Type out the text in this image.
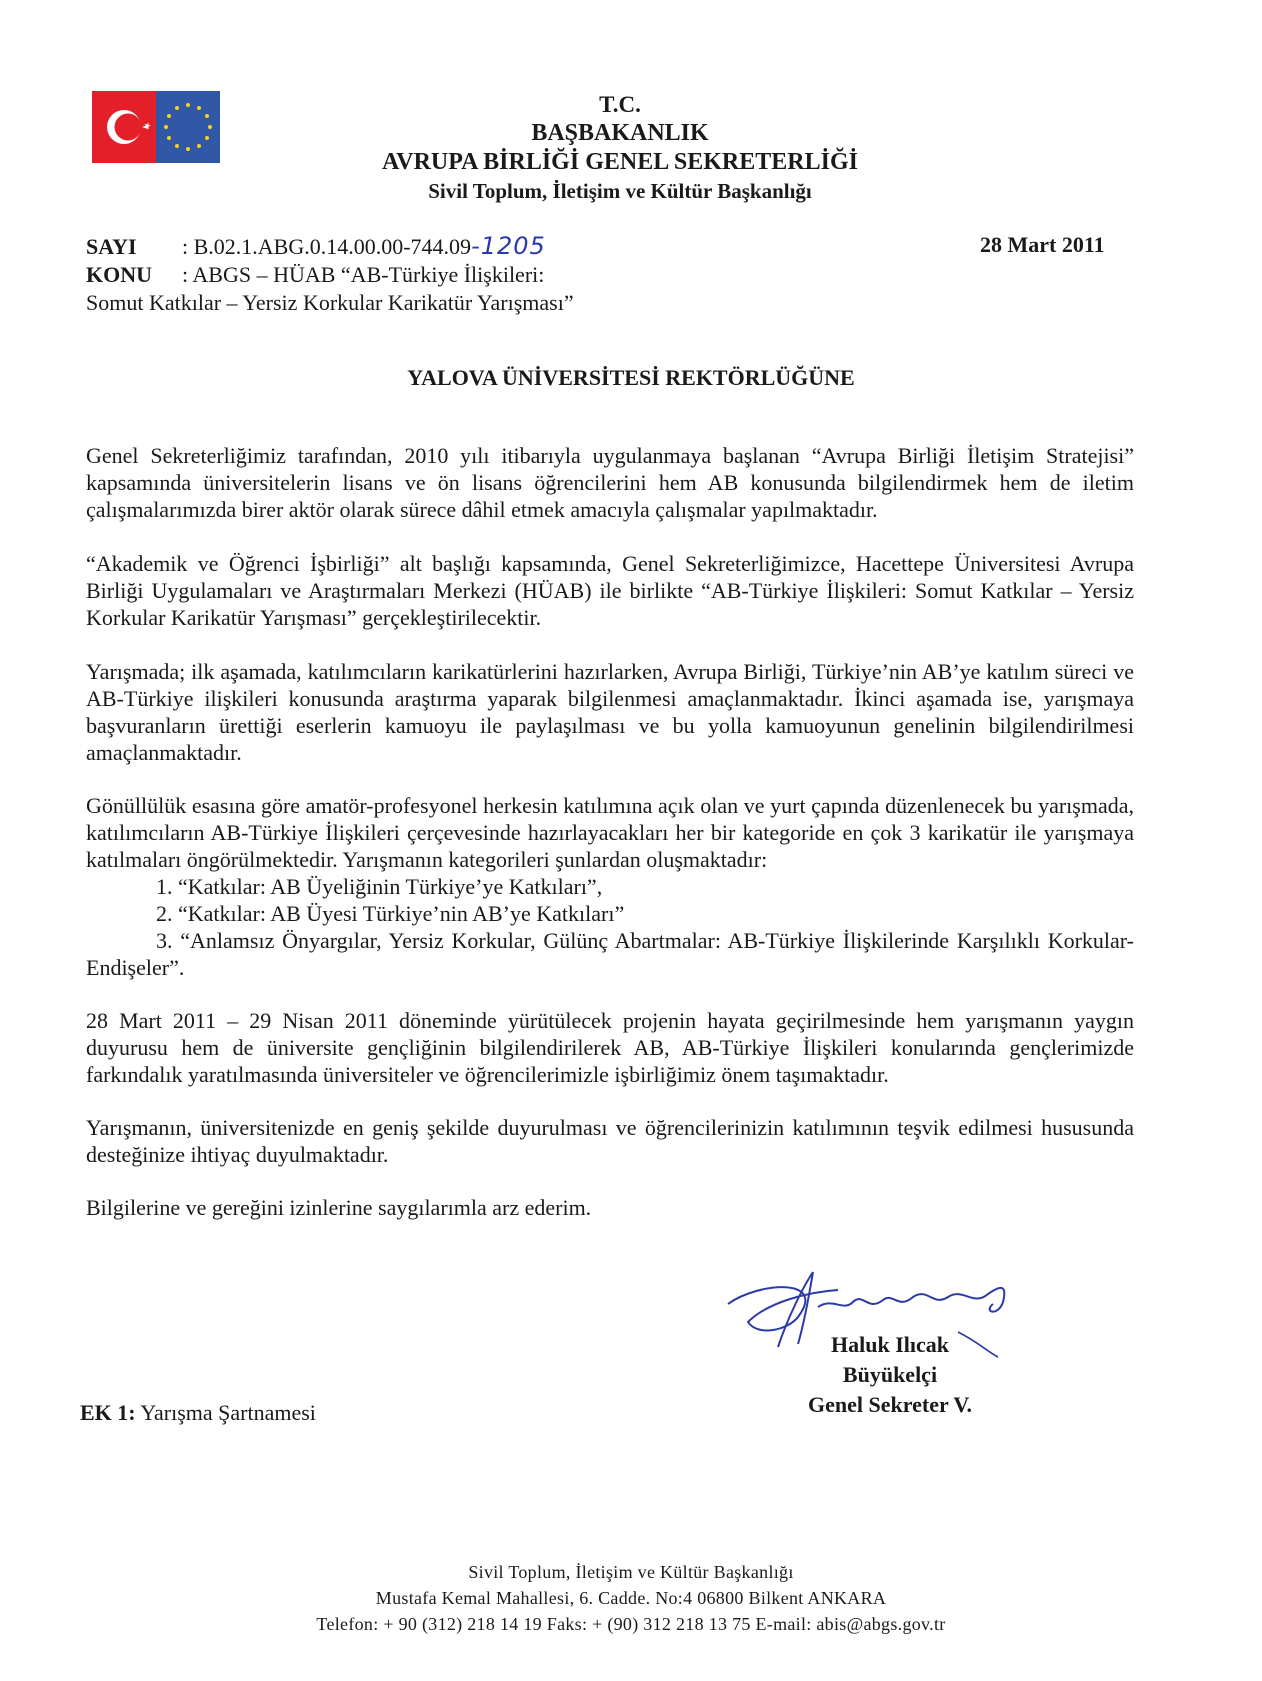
T.C.
BAŞBAKANLIK
AVRUPA BİRLİĞİ GENEL SEKRETERLİĞİ
Sivil Toplum, İletişim ve Kültür Başkanlığı
SAYI : B.02.1.ABG.0.14.00.00-744.09-1205
KONU : ABGS – HÜAB “AB-Türkiye İlişkileri:
Somut Katkılar – Yersiz Korkular Karikatür Yarışması”
28 Mart 2011
YALOVA ÜNİVERSİTESİ REKTÖRLÜĞÜNE

Genel Sekreterliğimiz tarafından, 2010 yılı itibarıyla uygulanmaya başlanan “Avrupa Birliği İletişim Stratejisi” kapsamında üniversitelerin lisans ve ön lisans öğrencilerini hem AB konusunda bilgilendirmek hem de iletim çalışmalarımızda birer aktör olarak sürece dâhil etmek amacıyla çalışmalar yapılmaktadır.

“Akademik ve Öğrenci İşbirliği” alt başlığı kapsamında, Genel Sekreterliğimizce, Hacettepe Üniversitesi Avrupa Birliği Uygulamaları ve Araştırmaları Merkezi (HÜAB) ile birlikte “AB-Türkiye İlişkileri: Somut Katkılar – Yersiz Korkular Karikatür Yarışması” gerçekleştirilecektir.

Yarışmada; ilk aşamada, katılımcıların karikatürlerini hazırlarken, Avrupa Birliği, Türkiye’nin AB’ye katılım süreci ve AB-Türkiye ilişkileri konusunda araştırma yaparak bilgilenmesi amaçlanmaktadır. İkinci aşamada ise, yarışmaya başvuranların ürettiği eserlerin kamuoyu ile paylaşılması ve bu yolla kamuoyunun genelinin bilgilendirilmesi amaçlanmaktadır.

Gönüllülük esasına göre amatör-profesyonel herkesin katılımına açık olan ve yurt çapında düzenlenecek bu yarışmada, katılımcıların AB-Türkiye İlişkileri çerçevesinde hazırlayacakları her bir kategoride en çok 3 karikatür ile yarışmaya katılmaları öngörülmektedir. Yarışmanın kategorileri şunlardan oluşmaktadır:

1. “Katkılar: AB Üyeliğinin Türkiye’ye Katkıları”,

2. “Katkılar: AB Üyesi Türkiye’nin AB’ye Katkıları”

3. “Anlamsız Önyargılar, Yersiz Korkular, Gülünç Abartmalar: AB-Türkiye İlişkilerinde Karşılıklı Korkular-Endişeler”.

28 Mart 2011 – 29 Nisan 2011 döneminde yürütülecek projenin hayata geçirilmesinde hem yarışmanın yaygın duyurusu hem de üniversite gençliğinin bilgilendirilerek AB, AB-Türkiye İlişkileri konularında gençlerimizde farkındalık yaratılmasında üniversiteler ve öğrencilerimizle işbirliğimiz önem taşımaktadır.

Yarışmanın, üniversitenizde en geniş şekilde duyurulması ve öğrencilerinizin katılımının teşvik edilmesi hususunda desteğinize ihtiyaç duyulmaktadır.

Bilgilerine ve gereğini izinlerine saygılarımla arz ederim.

Haluk Ilıcak
Büyükelçi
Genel Sekreter V.
EK 1: Yarışma Şartnamesi
Sivil Toplum, İletişim ve Kültür Başkanlığı
Mustafa Kemal Mahallesi, 6. Cadde. No:4 06800 Bilkent ANKARA
Telefon: + 90 (312) 218 14 19 Faks: + (90) 312 218 13 75 E-mail: abis@abgs.gov.tr
